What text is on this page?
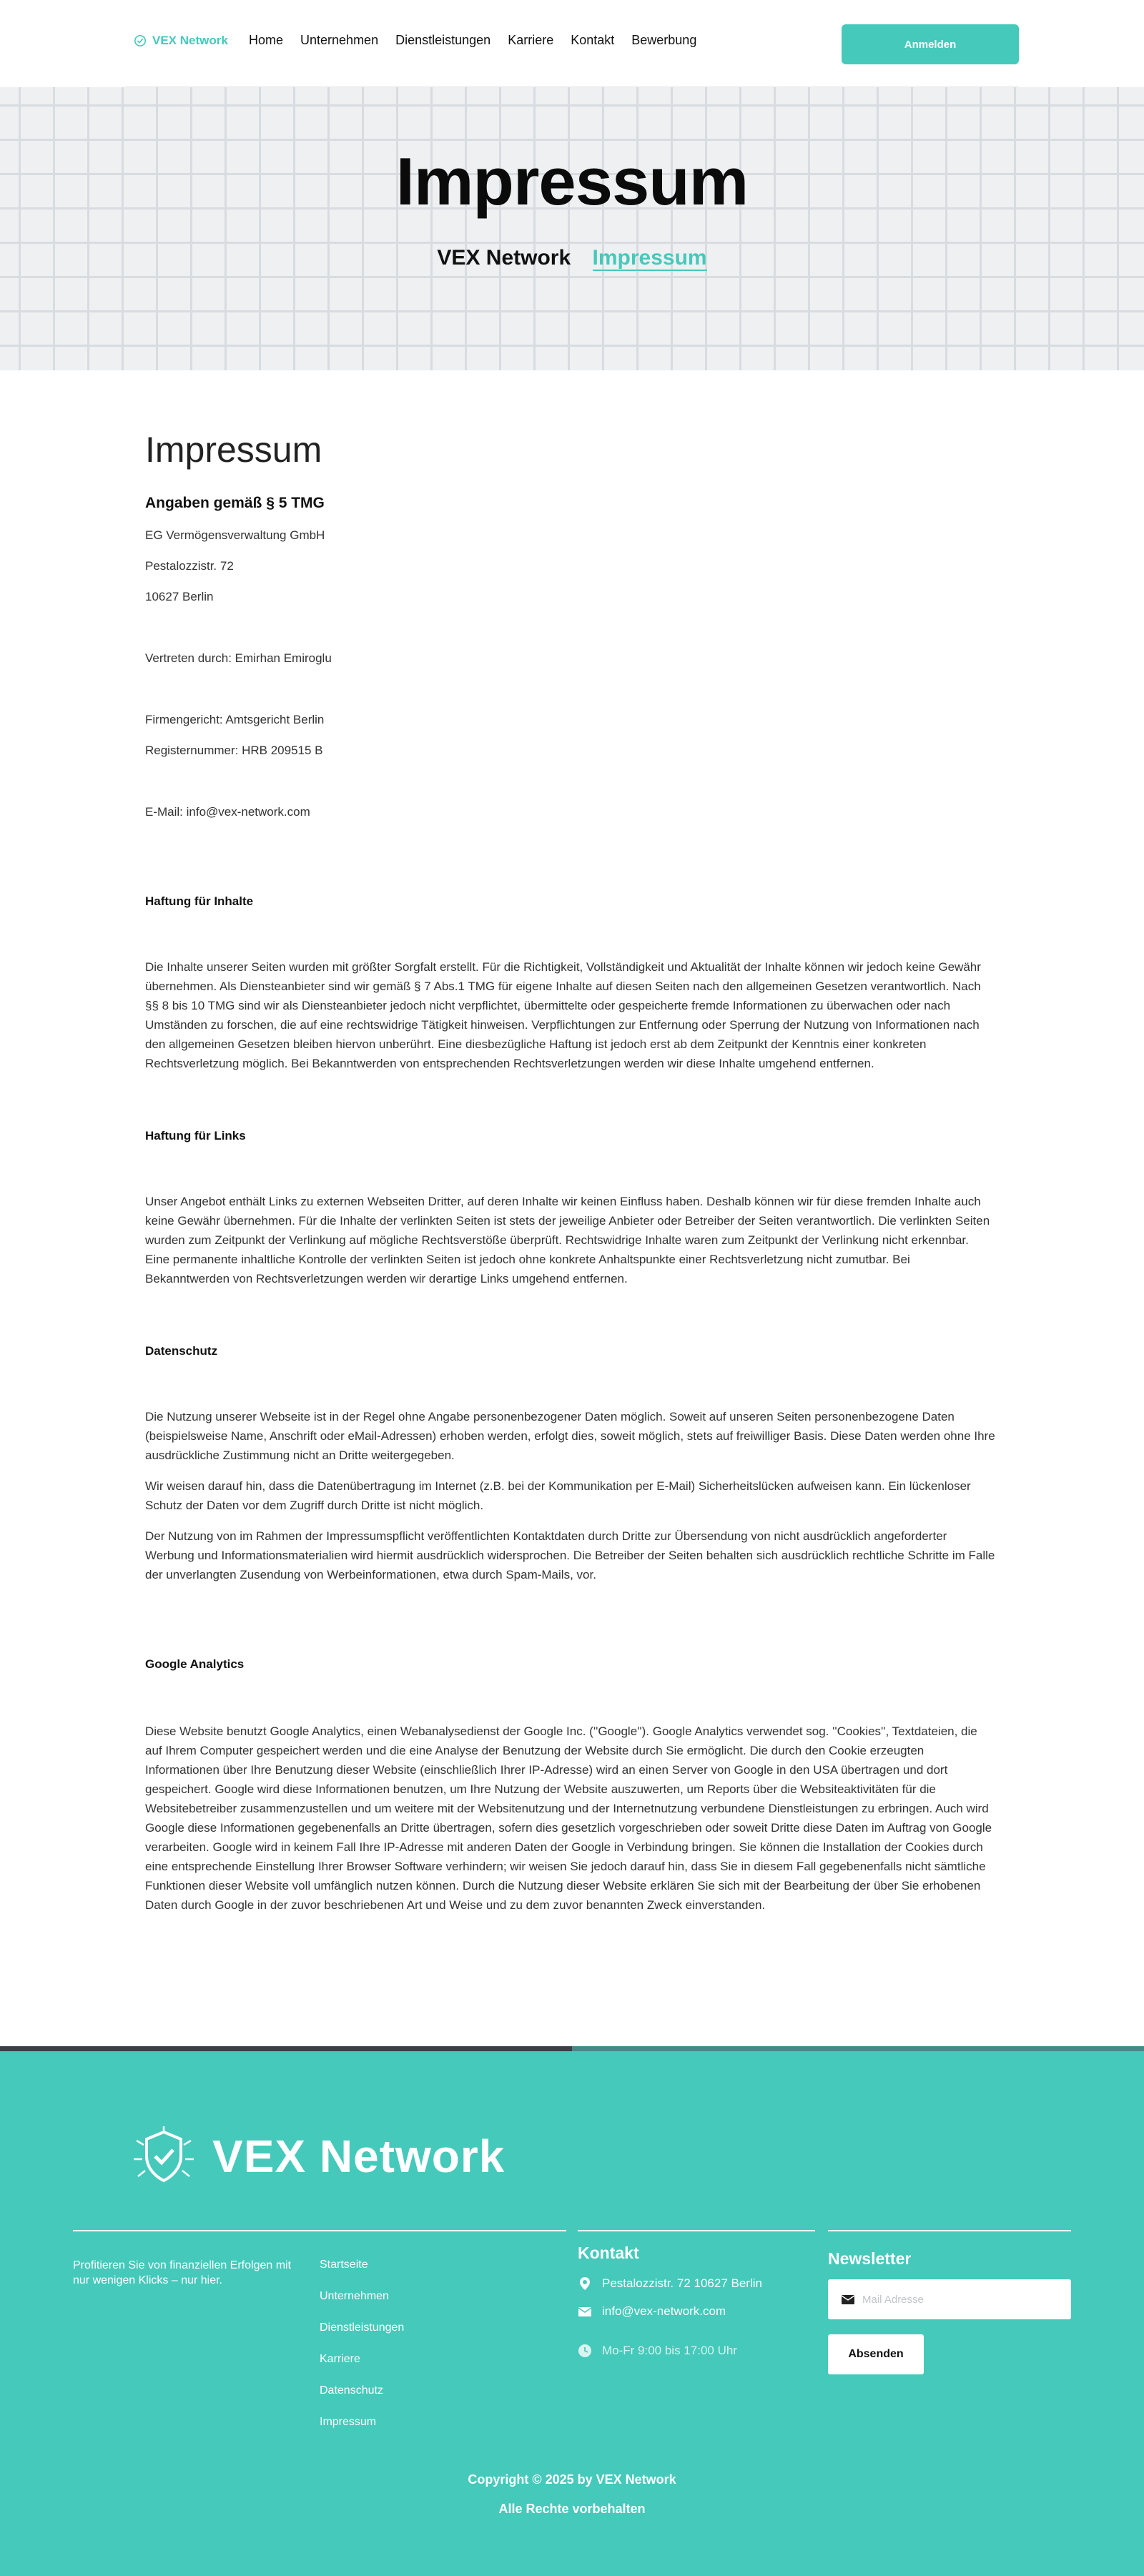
VEX Network Home Unternehmen Dienstleistungen Karriere Kontakt Bewerbung	Anmelden
Impressum
VEX Network Impressum
Impressum
Angaben gemäß § 5 TMG

EG Vermögensverwaltung GmbH

Pestalozzistr. 72

10627 Berlin

Vertreten durch: Emirhan Emiroglu

Firmengericht: Amtsgericht Berlin

Registernummer: HRB 209515 B

E-Mail: info@vex-network.com

Haftung für Inhalte

Die Inhalte unserer Seiten wurden mit größter Sorgfalt erstellt. Für die Richtigkeit, Vollständigkeit und Aktualität der Inhalte können wir jedoch keine Gewähr übernehmen. Als Diensteanbieter sind wir gemäß § 7 Abs.1 TMG für eigene Inhalte auf diesen Seiten nach den allgemeinen Gesetzen verantwortlich. Nach §§ 8 bis 10 TMG sind wir als Diensteanbieter jedoch nicht verpflichtet, übermittelte oder gespeicherte fremde Informationen zu überwachen oder nach Umständen zu forschen, die auf eine rechtswidrige Tätigkeit hinweisen. Verpflichtungen zur Entfernung oder Sperrung der Nutzung von Informationen nach den allgemeinen Gesetzen bleiben hiervon unberührt. Eine diesbezügliche Haftung ist jedoch erst ab dem Zeitpunkt der Kenntnis einer konkreten Rechtsverletzung möglich. Bei Bekanntwerden von entsprechenden Rechtsverletzungen werden wir diese Inhalte umgehend entfernen.

Haftung für Links

Unser Angebot enthält Links zu externen Webseiten Dritter, auf deren Inhalte wir keinen Einfluss haben. Deshalb können wir für diese fremden Inhalte auch keine Gewähr übernehmen. Für die Inhalte der verlinkten Seiten ist stets der jeweilige Anbieter oder Betreiber der Seiten verantwortlich. Die verlinkten Seiten wurden zum Zeitpunkt der Verlinkung auf mögliche Rechtsverstöße überprüft. Rechtswidrige Inhalte waren zum Zeitpunkt der Verlinkung nicht erkennbar. Eine permanente inhaltliche Kontrolle der verlinkten Seiten ist jedoch ohne konkrete Anhaltspunkte einer Rechtsverletzung nicht zumutbar. Bei Bekanntwerden von Rechtsverletzungen werden wir derartige Links umgehend entfernen.

Datenschutz

Die Nutzung unserer Webseite ist in der Regel ohne Angabe personenbezogener Daten möglich. Soweit auf unseren Seiten personenbezogene Daten (beispielsweise Name, Anschrift oder eMail-Adressen) erhoben werden, erfolgt dies, soweit möglich, stets auf freiwilliger Basis. Diese Daten werden ohne Ihre ausdrückliche Zustimmung nicht an Dritte weitergegeben.

Wir weisen darauf hin, dass die Datenübertragung im Internet (z.B. bei der Kommunikation per E-Mail) Sicherheitslücken aufweisen kann. Ein lückenloser Schutz der Daten vor dem Zugriff durch Dritte ist nicht möglich.

Der Nutzung von im Rahmen der Impressumspflicht veröffentlichten Kontaktdaten durch Dritte zur Übersendung von nicht ausdrücklich angeforderter Werbung und Informationsmaterialien wird hiermit ausdrücklich widersprochen. Die Betreiber der Seiten behalten sich ausdrücklich rechtliche Schritte im Falle der unverlangten Zusendung von Werbeinformationen, etwa durch Spam-Mails, vor.

Google Analytics

Diese Website benutzt Google Analytics, einen Webanalysedienst der Google Inc. (''Google''). Google Analytics verwendet sog. ''Cookies'', Textdateien, die auf Ihrem Computer gespeichert werden und die eine Analyse der Benutzung der Website durch Sie ermöglicht. Die durch den Cookie erzeugten Informationen über Ihre Benutzung dieser Website (einschließlich Ihrer IP-Adresse) wird an einen Server von Google in den USA übertragen und dort gespeichert. Google wird diese Informationen benutzen, um Ihre Nutzung der Website auszuwerten, um Reports über die Websiteaktivitäten für die Websitebetreiber zusammenzustellen und um weitere mit der Websitenutzung und der Internetnutzung verbundene Dienstleistungen zu erbringen. Auch wird Google diese Informationen gegebenenfalls an Dritte übertragen, sofern dies gesetzlich vorgeschrieben oder soweit Dritte diese Daten im Auftrag von Google verarbeiten. Google wird in keinem Fall Ihre IP-Adresse mit anderen Daten der Google in Verbindung bringen. Sie können die Installation der Cookies durch eine entsprechende Einstellung Ihrer Browser Software verhindern; wir weisen Sie jedoch darauf hin, dass Sie in diesem Fall gegebenenfalls nicht sämtliche Funktionen dieser Website voll umfänglich nutzen können. Durch die Nutzung dieser Website erklären Sie sich mit der Bearbeitung der über Sie erhobenen Daten durch Google in der zuvor beschriebenen Art und Weise und zu dem zuvor benannten Zweck einverstanden.

VEX Network

Profitieren Sie von finanziellen Erfolgen mit nur wenigen Klicks – nur hier.

Startseite
Unternehmen
Dienstleistungen
Karriere
Datenschutz
Impressum
Kontakt
Pestalozzistr. 72 10627 Berlin
info@vex-network.com
Mo-Fr 9:00 bis 17:00 Uhr
Newsletter
Mail Adresse
Absenden

Copyright © 2025 by VEX Network

Alle Rechte vorbehalten
